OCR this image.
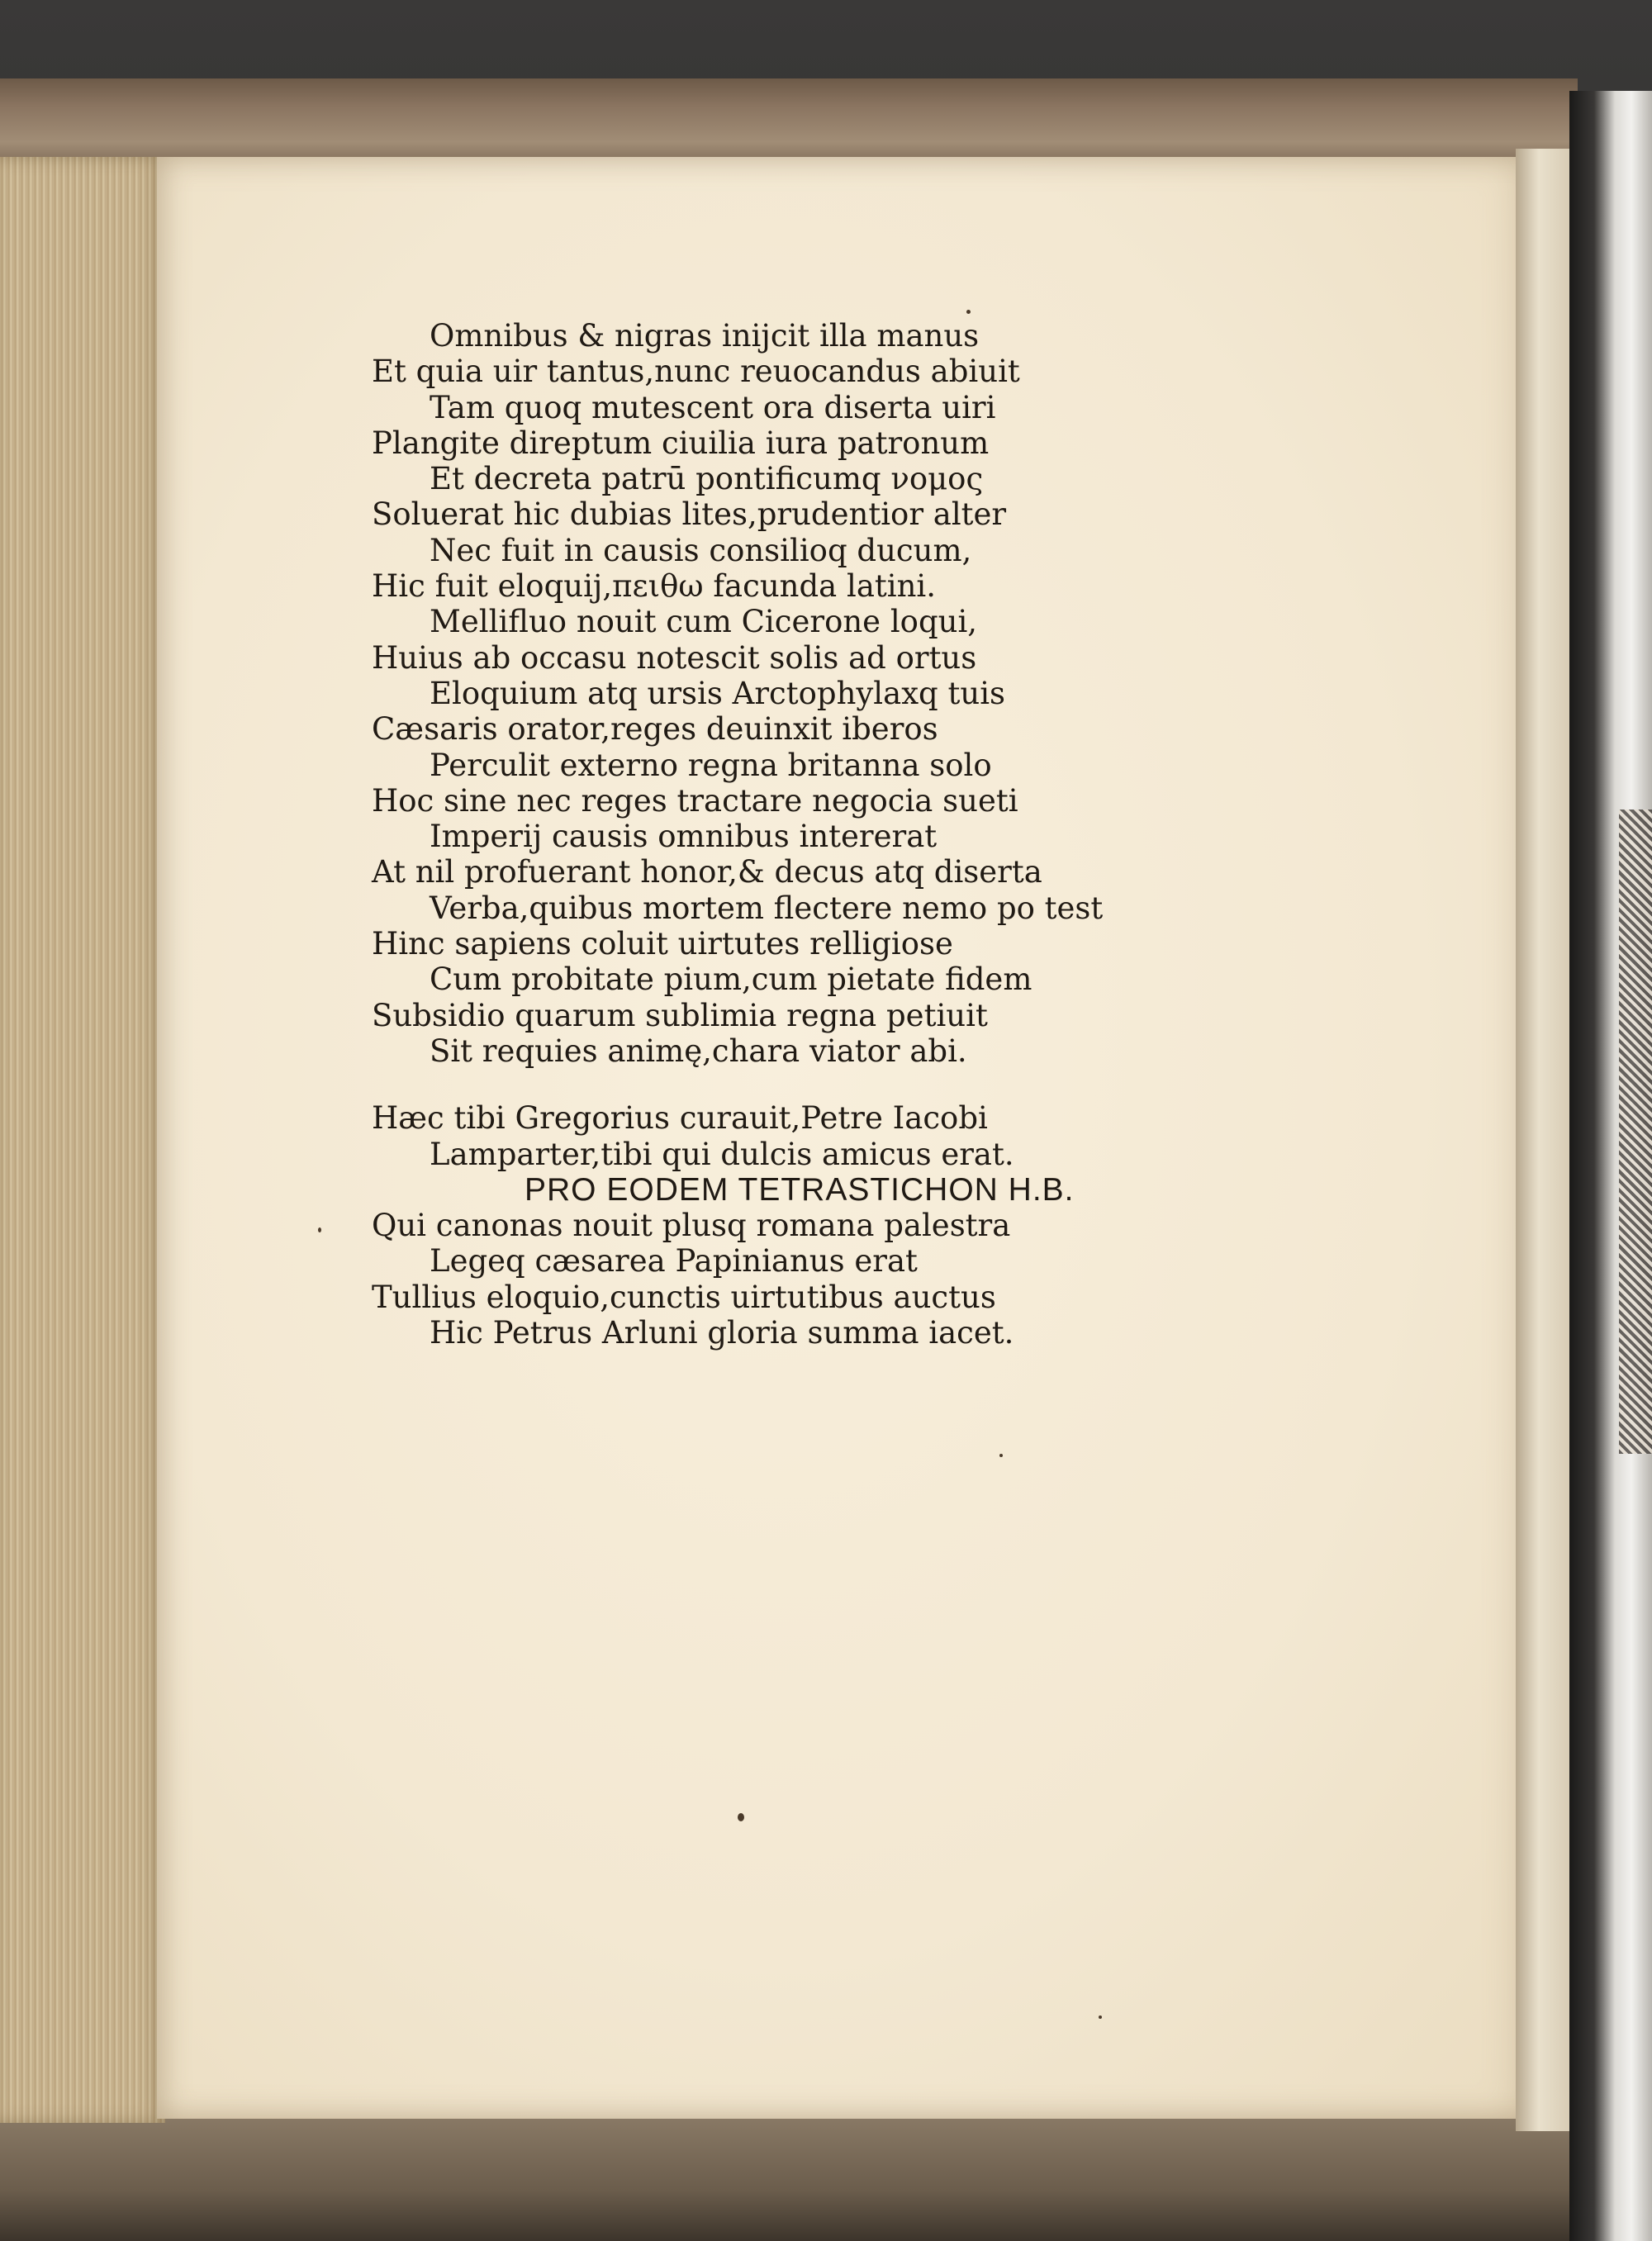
Omnibus & nigras inijcit illa manus
Et quia uir tantus,nunc reuocandus abiuit
Tam quoq mutescent ora diserta uiri
Plangite direptum ciuilia iura patronum
Et decreta patrū pontificumq νομος
Soluerat hic dubias lites,prudentior alter
Nec fuit in causis consilioq ducum,
Hic fuit eloquij,πειθω facunda latini.
Mellifluo nouit cum Cicerone loqui,
Huius ab occasu notescit solis ad ortus
Eloquium atq ursis Arctophylaxq tuis
Cæsaris orator,reges deuinxit iberos
Perculit externo regna britanna solo
Hoc sine nec reges tractare negocia sueti
Imperij causis omnibus intererat
At nil profuerant honor,& decus atq diserta
Verba,quibus mortem flectere nemo po test
Hinc sapiens coluit uirtutes relligiose
Cum probitate pium,cum pietate fidem
Subsidio quarum sublimia regna petiuit
Sit requies animę,chara viator abi.
Hæc tibi Gregorius curauit,Petre Iacobi
Lamparter,tibi qui dulcis amicus erat.
PRO EODEM TETRASTICHON H.B.
Qui canonas nouit plusq romana palestra
Legeq cæsarea Papinianus erat
Tullius eloquio,cunctis uirtutibus auctus
Hic Petrus Arluni gloria summa iacet.
